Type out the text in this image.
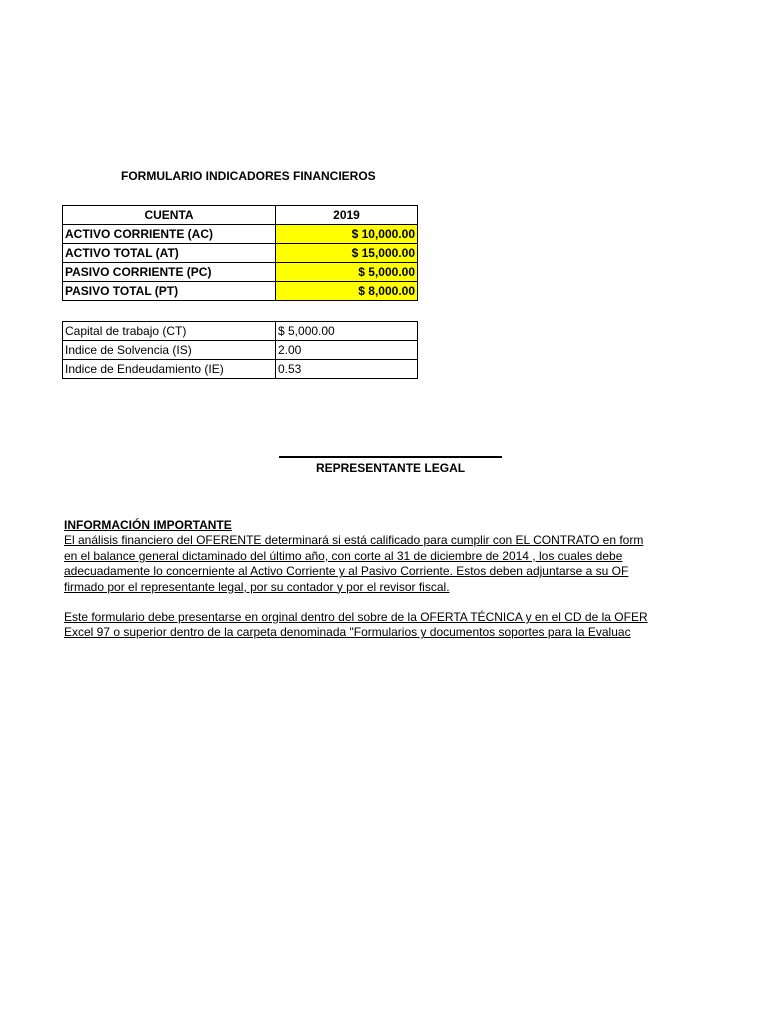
FORMULARIO INDICADORES FINANCIEROS
CUENTA	2019
ACTIVO CORRIENTE (AC)	$ 10,000.00
ACTIVO TOTAL (AT)	$ 15,000.00
PASIVO CORRIENTE (PC)	$ 5,000.00
PASIVO TOTAL (PT)	$ 8,000.00
Capital de trabajo (CT)	$ 5,000.00
Indice de Solvencia (IS)	2.00
Indice de Endeudamiento (IE)	0.53
REPRESENTANTE LEGAL
INFORMACIÓN IMPORTANTE
El análisis financiero del OFERENTE determinará si está calificado para cumplir con EL CONTRATO en form
en el balance general dictaminado del último año, con corte al 31 de diciembre de 2014 , los cuales debe
adecuadamente lo concerniente al Activo Corriente y al Pasivo Corriente. Estos deben adjuntarse a su OF
firmado por el representante legal, por su contador y por el revisor fiscal.
Este formulario debe presentarse en orginal dentro del sobre de la OFERTA TÉCNICA y en el CD de la OFER
Excel 97 o superior dentro de la carpeta denominada "Formularios y documentos soportes para la Evaluac
